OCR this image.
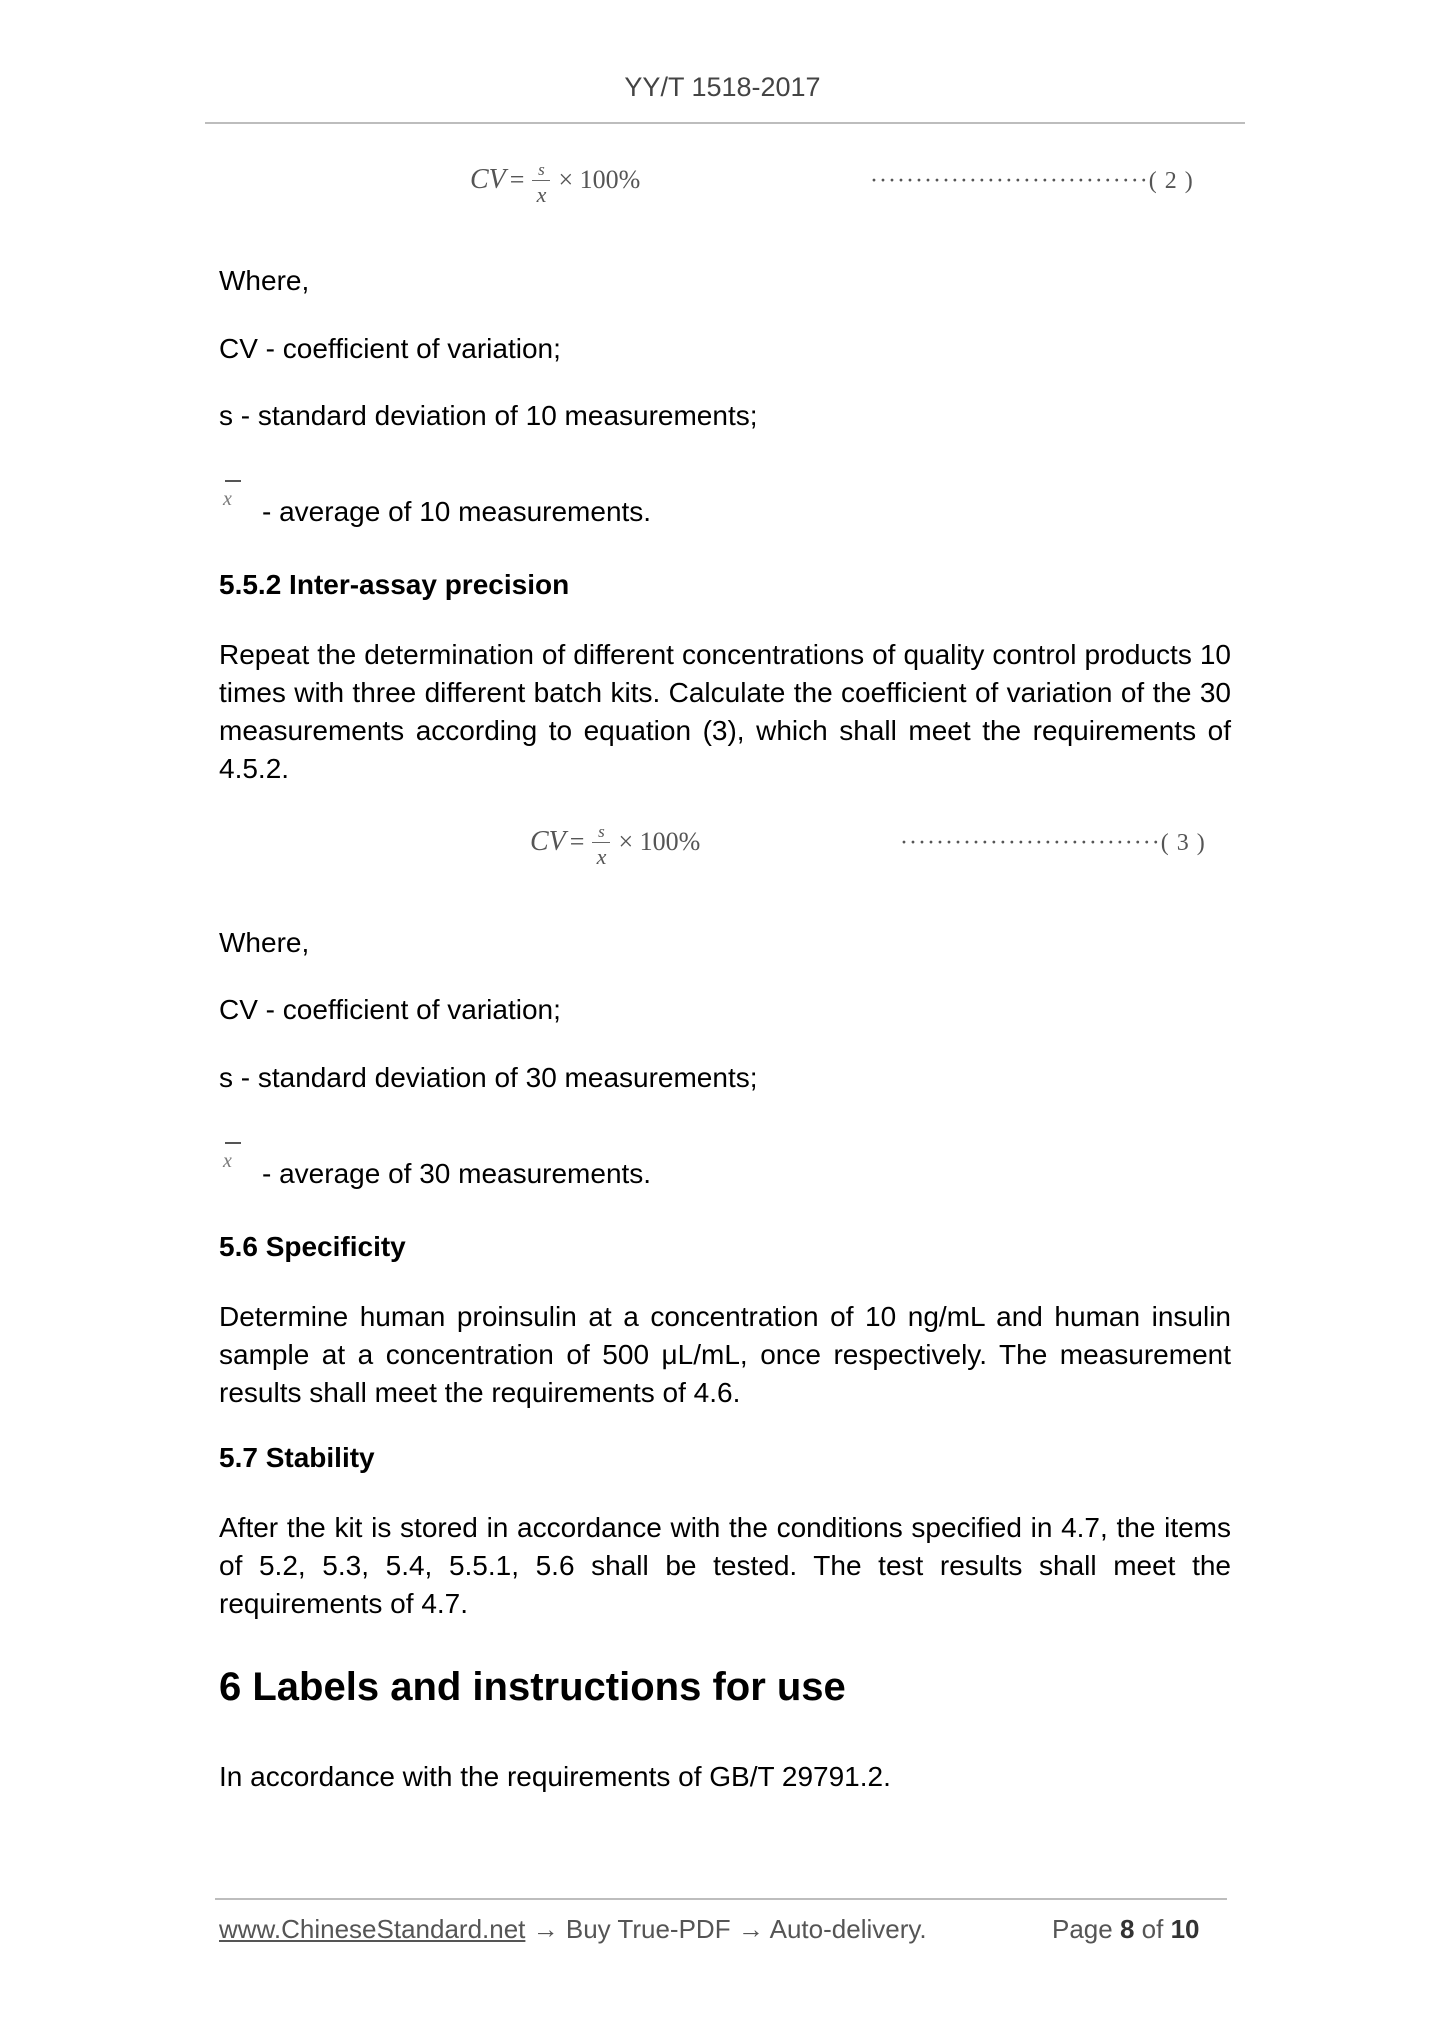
YY/T 1518-2017
CV = $\frac{s}{x} \times 100\%$	·······························( 2 )
Where,
CV - coefficient of variation;
s - standard deviation of 10 measurements;
x	- average of 10 measurements.
5.5.2 Inter-assay precision
Repeat the determination of different concentrations of quality control products 10 times with three different batch kits. Calculate the coefficient of variation of the 30 measurements according to equation (3), which shall meet the requirements of 4.5.2.
CV = $\frac{s}{x} \times 100\%$	·····························( 3 )
Where,
CV - coefficient of variation;
s - standard deviation of 30 measurements;
x	- average of 30 measurements.
5.6 Specificity
Determine human proinsulin at a concentration of 10 ng/mL and human insulin sample at a concentration of 500 μL/mL, once respectively. The measurement results shall meet the requirements of 4.6.
5.7 Stability
After the kit is stored in accordance with the conditions specified in 4.7, the items of 5.2, 5.3, 5.4, 5.5.1, 5.6 shall be tested. The test results shall meet the requirements of 4.7.
6 Labels and instructions for use
In accordance with the requirements of GB/T 29791.2.
www.ChineseStandard.net → Buy True-PDF → Auto-delivery.	Page 8 of 10
